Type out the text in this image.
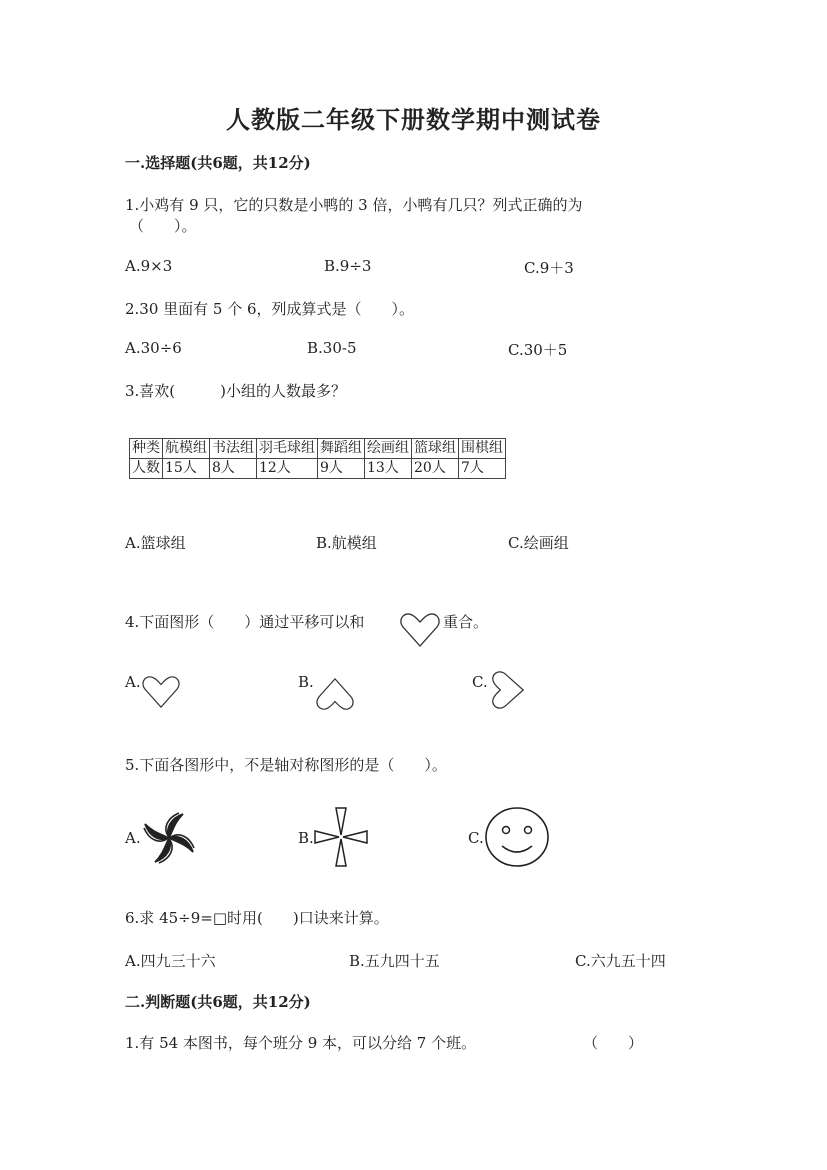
人教版二年级下册数学期中测试卷
一.选择题(共6题，共12分)
1.小鸡有 9 只，它的只数是小鸭的 3 倍，小鸭有几只？列式正确的为
（　　）。
A.9×3	B.9÷3	C.9＋3
2.30 里面有 5 个 6，列成算式是（　　）。
A.30÷6	B.30-5	C.30＋5
3.喜欢(　　　)小组的人数最多？
种类	航模组	书法组	羽毛球组	舞蹈组	绘画组	篮球组	围棋组
人数	15人	8人	12人	9人	13人	20人	7人
A.篮球组	B.航模组	C.绘画组
4.下面图形（　　）通过平移可以和	重合。
A.	B.	C.
5.下面各图形中，不是轴对称图形的是（　　）。
A.	B.	C.
6.求 45÷9=□时用(　　)口诀来计算。
A.四九三十六	B.五九四十五	C.六九五十四
二.判断题(共6题，共12分)
1.有 54 本图书，每个班分 9 本，可以分给 7 个班。	（　　）
